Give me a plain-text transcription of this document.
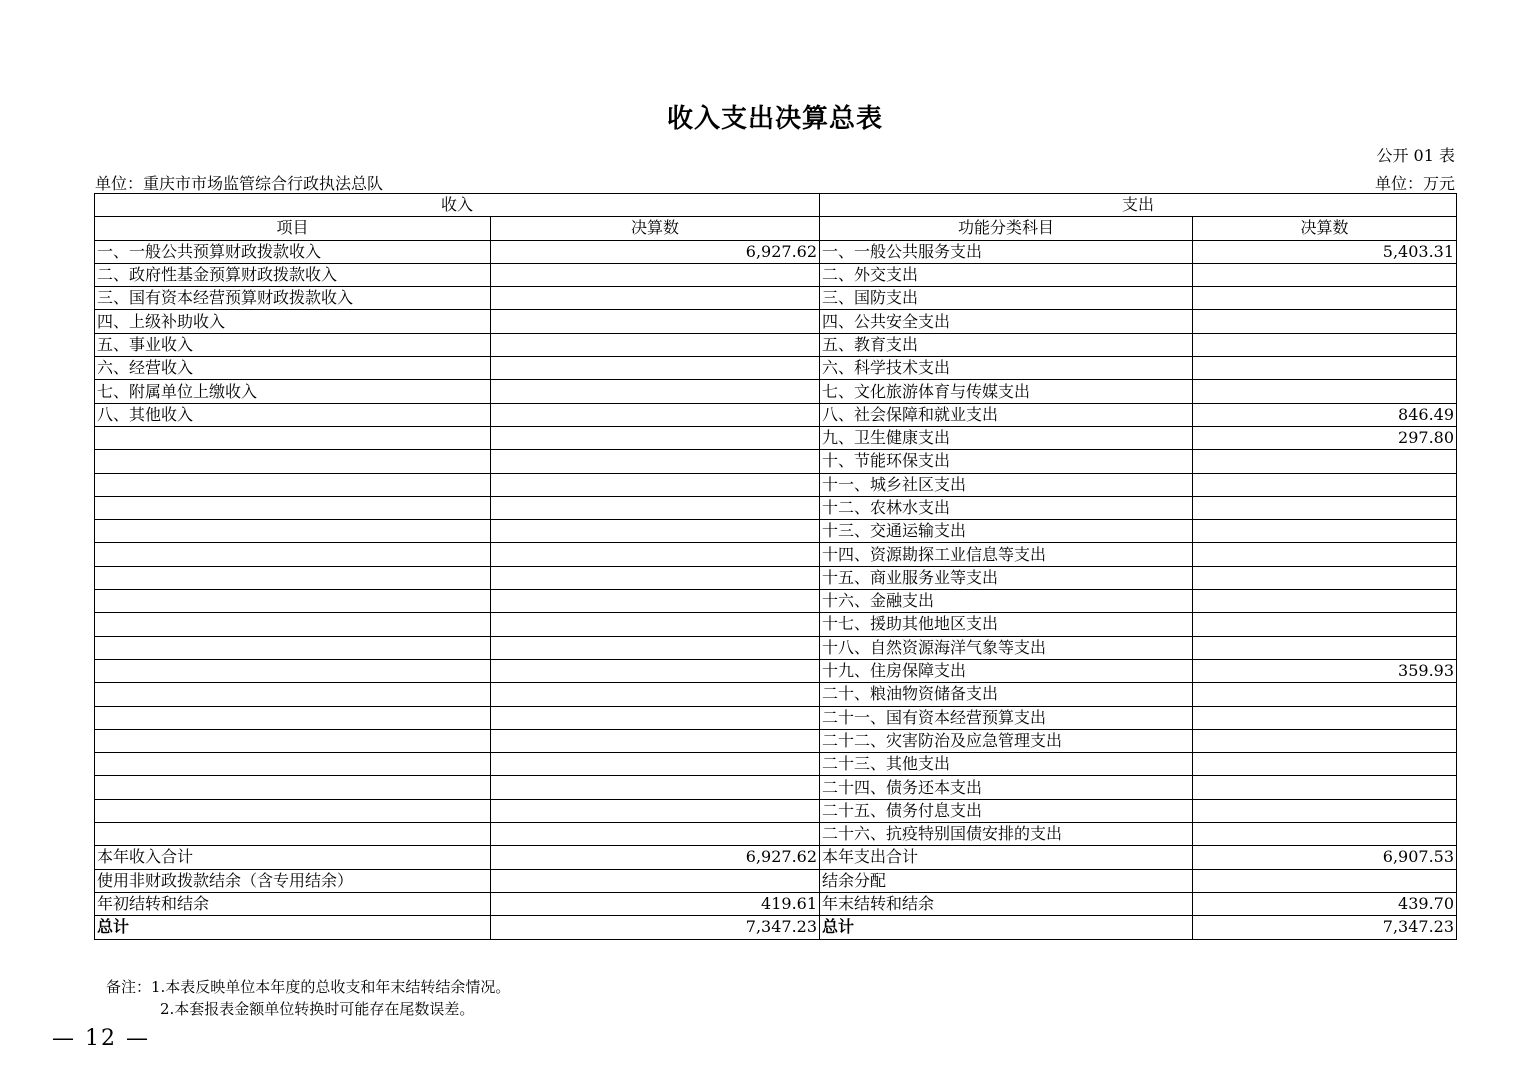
收入支出决算总表
公开 01 表
单位：重庆市市场监管综合行政执法总队	单位：万元
收入		支出	
项目	决算数	功能分类科目	决算数
一、一般公共预算财政拨款收入	6,927.62	一、一般公共服务支出	5,403.31
二、政府性基金预算财政拨款收入		二、外交支出	
三、国有资本经营预算财政拨款收入		三、国防支出	
四、上级补助收入		四、公共安全支出	
五、事业收入		五、教育支出	
六、经营收入		六、科学技术支出	
七、附属单位上缴收入		七、文化旅游体育与传媒支出	
八、其他收入		八、社会保障和就业支出	846.49
		九、卫生健康支出	297.80
		十、节能环保支出	
		十一、城乡社区支出	
		十二、农林水支出	
		十三、交通运输支出	
		十四、资源勘探工业信息等支出	
		十五、商业服务业等支出	
		十六、金融支出	
		十七、援助其他地区支出	
		十八、自然资源海洋气象等支出	
		十九、住房保障支出	359.93
		二十、粮油物资储备支出	
		二十一、国有资本经营预算支出	
		二十二、灾害防治及应急管理支出	
		二十三、其他支出	
		二十四、债务还本支出	
		二十五、债务付息支出	
		二十六、抗疫特别国债安排的支出	
本年收入合计	6,927.62	本年支出合计	6,907.53
使用非财政拨款结余（含专用结余）		结余分配	
年初结转和结余	419.61	年末结转和结余	439.70
总计	7,347.23	总计	7,347.23
备注：1.本表反映单位本年度的总收支和年末结转结余情况。
2.本套报表金额单位转换时可能存在尾数误差。
— 12 —
